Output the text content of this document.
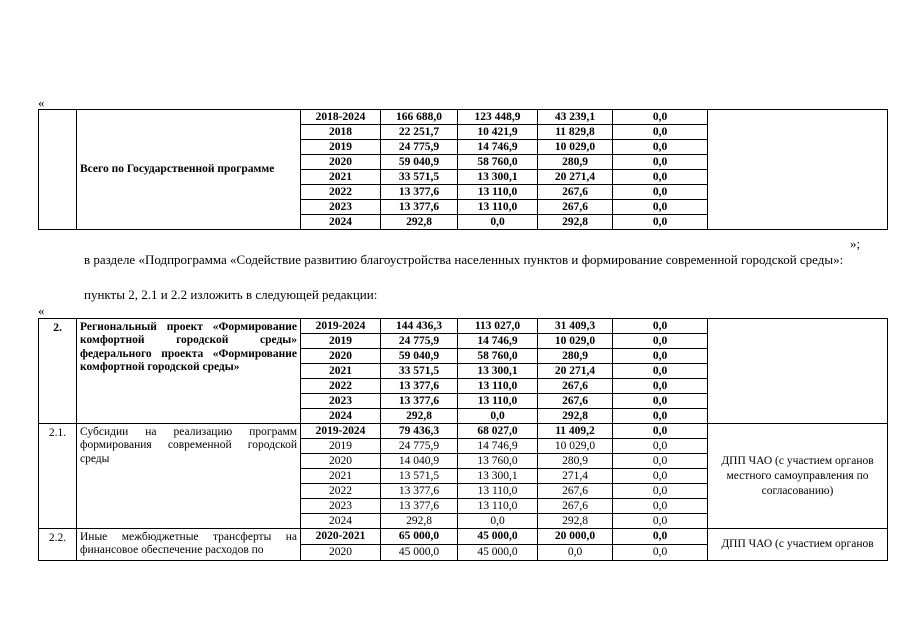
«
	Всего по Государственной программе	2018-2024	166 688,0	123 448,9	43 239,1	0,0	
		2018	22 251,7	10 421,9	11 829,8	0,0	
		2019	24 775,9	14 746,9	10 029,0	0,0	
		2020	59 040,9	58 760,0	280,9	0,0	
		2021	33 571,5	13 300,1	20 271,4	0,0	
		2022	13 377,6	13 110,0	267,6	0,0	
		2023	13 377,6	13 110,0	267,6	0,0	
		2024	292,8	0,0	292,8	0,0	
»;
в разделе «Подпрограмма «Содействие развитию благоустройства населенных пунктов и формирование современной городской среды»:
пункты 2, 2.1 и 2.2 изложить в следующей редакции:
«
2.	Региональный проект «Формирование комфортной городской среды» федерального проекта «Формирование комфортной городской среды»	2019-2024	144 436,3	113 027,0	31 409,3	0,0	
		2019	24 775,9	14 746,9	10 029,0	0,0	
		2020	59 040,9	58 760,0	280,9	0,0	
		2021	33 571,5	13 300,1	20 271,4	0,0	
		2022	13 377,6	13 110,0	267,6	0,0	
		2023	13 377,6	13 110,0	267,6	0,0	
		2024	292,8	0,0	292,8	0,0	
2.1.	Субсидии на реализацию программ формирования современной городской среды	2019-2024	79 436,3	68 027,0	11 409,2	0,0	ДПП ЧАО (с участием органов местного самоуправления по согласованию)
		2019	24 775,9	14 746,9	10 029,0	0,0	
		2020	14 040,9	13 760,0	280,9	0,0	
		2021	13 571,5	13 300,1	271,4	0,0	
		2022	13 377,6	13 110,0	267,6	0,0	
		2023	13 377,6	13 110,0	267,6	0,0	
		2024	292,8	0,0	292,8	0,0	
2.2.	Иные межбюджетные трансферты на финансовое обеспечение расходов по	2020-2021	65 000,0	45 000,0	20 000,0	0,0	ДПП ЧАО (с участием органов
		2020	45 000,0	45 000,0	0,0	0,0	
